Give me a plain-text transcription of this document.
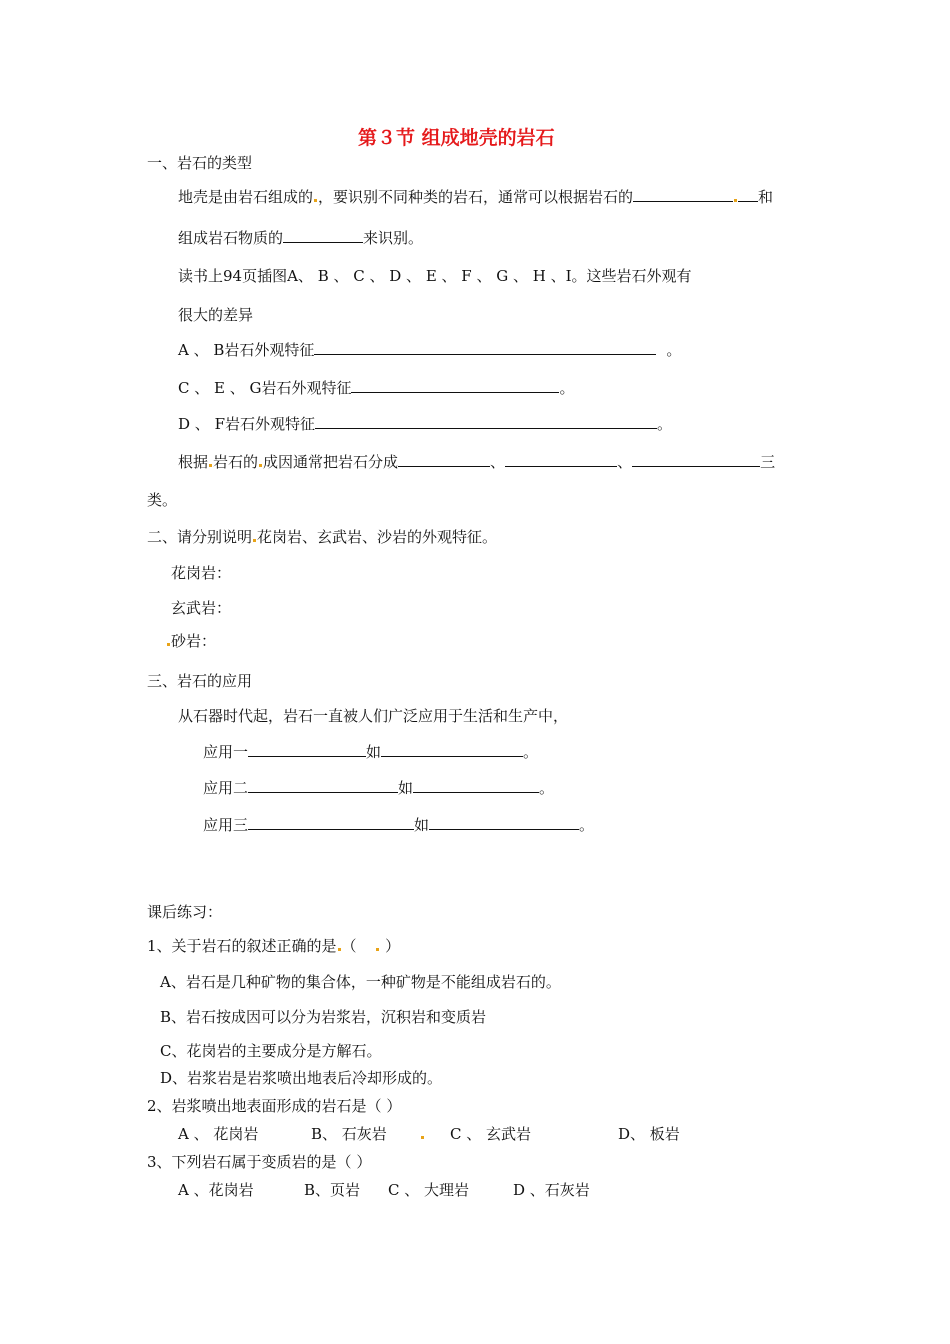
第３节 组成地壳的岩石
一、岩石的类型
地壳是由岩石组成的 ，要识别不同种类的岩石，通常可以根据岩石的	和
组成岩石物质的	来识别。
读书上94页插图A、 B 、 C 、 D 、 E 、 F 、 G 、 H 、I。这些岩石外观有
很大的差异
A 、 B岩石外观特征	。
C 、 E 、 G岩石外观特征	。
D 、 F岩石外观特征	。
根据 岩石的 成因通常把岩石分成	、	、	三
类。
二、请分别说明 花岗岩、玄武岩、沙岩的外观特征。
花岗岩：
玄武岩：
砂岩：
三、岩石的应用
从石器时代起，岩石一直被人们广泛应用于生活和生产中，
应用一	如	。
应用二	如	。
应用三	如	。
课后练习：
1、关于岩石的叙述正确的是 （  ）
A、岩石是几种矿物的集合体，一种矿物是不能组成岩石的。
B、岩石按成因可以分为岩浆岩，沉积岩和变质岩
C、花岗岩的主要成分是方解石。
D、岩浆岩是岩浆喷出地表后冷却形成的。
2、岩浆喷出地表面形成的岩石是（ ）
A 、 花岗岩	B、 石灰岩	C 、 玄武岩	D、 板岩
3、下列岩石属于变质岩的是（ ）
A 、花岗岩	B、页岩 C 、 大理岩	D 、石灰岩
